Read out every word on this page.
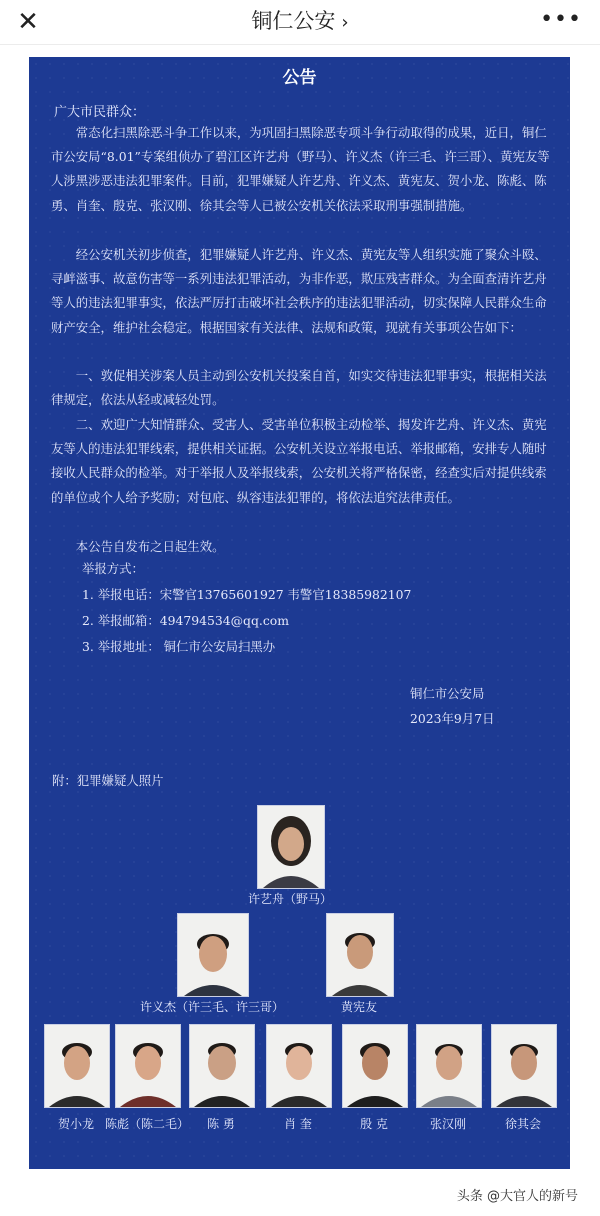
✕	铜仁公安 ›	•••
公告
广大市民群众：
常态化扫黑除恶斗争工作以来，为巩固扫黑除恶专项斗争行动取得的成果，近日，铜仁市公安局“8.01”专案组侦办了碧江区许艺舟（野马）、许义杰（许三毛、许三哥）、黄宪友等人涉黑涉恶违法犯罪案件。目前，犯罪嫌疑人许艺舟、许义杰、黄宪友、贺小龙、陈彪、陈勇、肖奎、殷克、张汉刚、徐其会等人已被公安机关依法采取刑事强制措施。
经公安机关初步侦查，犯罪嫌疑人许艺舟、许义杰、黄宪友等人组织实施了聚众斗殴、寻衅滋事、故意伤害等一系列违法犯罪活动，为非作恶，欺压残害群众。为全面查清许艺舟等人的违法犯罪事实，依法严厉打击破坏社会秩序的违法犯罪活动，切实保障人民群众生命财产安全，维护社会稳定。根据国家有关法律、法规和政策，现就有关事项公告如下：
一、敦促相关涉案人员主动到公安机关投案自首，如实交待违法犯罪事实，根据相关法律规定，依法从轻或减轻处罚。
二、欢迎广大知情群众、受害人、受害单位积极主动检举、揭发许艺舟、许义杰、黄宪友等人的违法犯罪线索，提供相关证据。公安机关设立举报电话、举报邮箱，安排专人随时接收人民群众的检举。对于举报人及举报线索，公安机关将严格保密，经查实后对提供线索的单位或个人给予奖励；对包庇、纵容违法犯罪的，将依法追究法律责任。
本公告自发布之日起生效。
举报方式：
1. 举报电话：宋警官13765601927 韦警官18385982107
2. 举报邮箱：494794534@qq.com
3. 举报地址： 铜仁市公安局扫黑办
铜仁市公安局
2023年9月7日
附：犯罪嫌疑人照片
许艺舟（野马）
许义杰（许三毛、许三哥）	黄宪友
贺小龙 陈彪（陈二毛）	陈 勇	肖 奎	殷 克	张汉刚	徐其会
头条 @大官人的新号
